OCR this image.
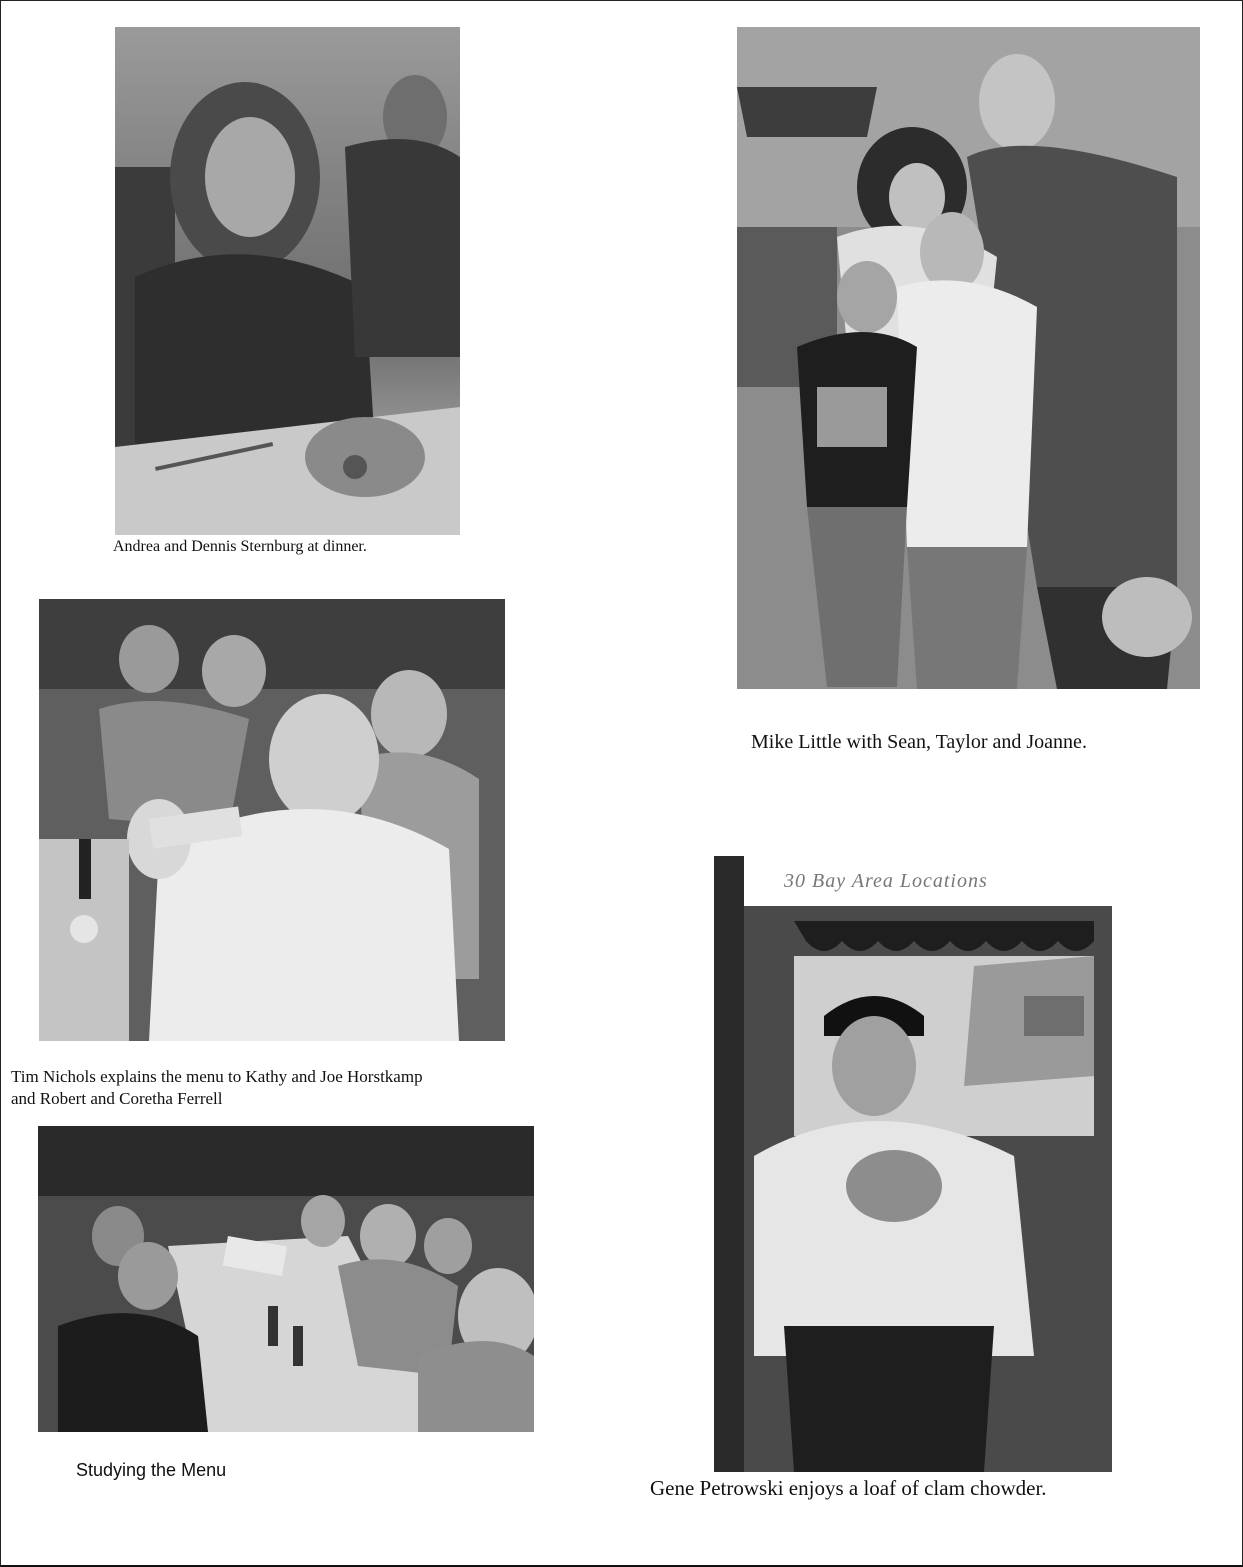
Andrea and Dennis Sternburg at dinner.
Mike Little with Sean, Taylor and Joanne.
Tim Nichols explains the menu to Kathy and Joe Horstkamp
and Robert and Coretha Ferrell
Studying the Menu
30 Bay Area Locations
Gene Petrowski enjoys a loaf of clam chowder.
